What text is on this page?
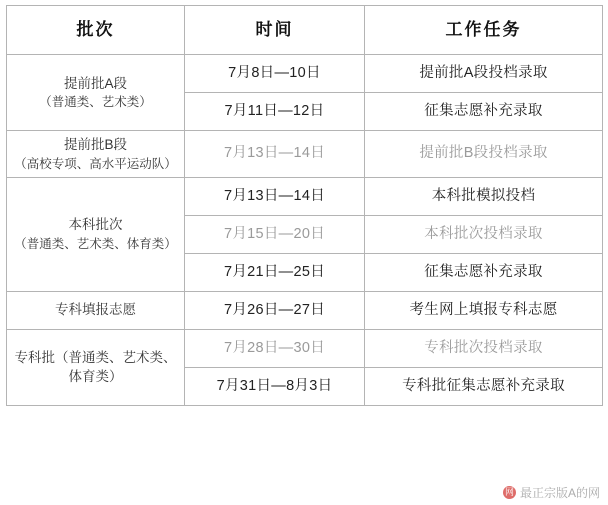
批次	时间	工作任务

提前批A段
（普通类、艺术类）	7月8日—10日	提前批A段投档录取
	7月11日—12日	征集志愿补充录取

提前批B段
（高校专项、高水平运动队）	7月13日—14日	提前批B段投档录取

本科批次
（普通类、艺术类、体育类）	7月13日—14日	本科批模拟投档
	7月15日—20日	本科批次投档录取
	7月21日—25日	征集志愿补充录取

专科填报志愿	7月26日—27日	考生网上填报专科志愿

专科批（普通类、艺术类、体育类）	7月28日—30日	专科批次投档录取
	7月31日—8月3日	专科批征集志愿补充录取
网 最正宗版A的网
